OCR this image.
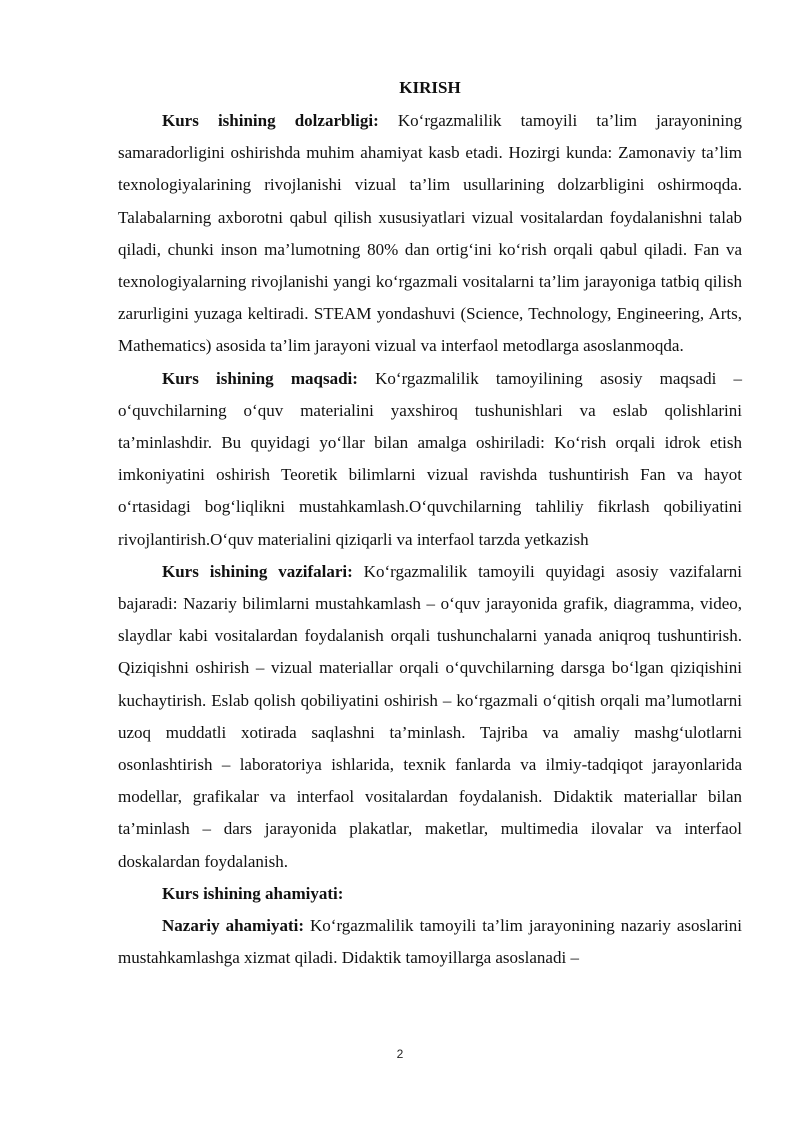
KIRISH

Kurs ishining dolzarbligi: Ko‘rgazmalilik tamoyili ta’lim jarayonining samaradorligini oshirishda muhim ahamiyat kasb etadi. Hozirgi kunda: Zamonaviy ta’lim texnologiyalarining rivojlanishi vizual ta’lim usullarining dolzarbligini oshirmoqda. Talabalarning axborotni qabul qilish xususiyatlari vizual vositalardan foydalanishni talab qiladi, chunki inson ma’lumotning 80% dan ortig‘ini ko‘rish orqali qabul qiladi. Fan va texnologiyalarning rivojlanishi yangi ko‘rgazmali vositalarni ta’lim jarayoniga tatbiq qilish zarurligini yuzaga keltiradi. STEAM yondashuvi (Science, Technology, Engineering, Arts, Mathematics) asosida ta’lim jarayoni vizual va interfaol metodlarga asoslanmoqda.

Kurs ishining maqsadi: Ko‘rgazmalilik tamoyilining asosiy maqsadi – o‘quvchilarning o‘quv materialini yaxshiroq tushunishlari va eslab qolishlarini ta’minlashdir. Bu quyidagi yo‘llar bilan amalga oshiriladi: Ko‘rish orqali idrok etish imkoniyatini oshirish Teoretik bilimlarni vizual ravishda tushuntirish Fan va hayot o‘rtasidagi bog‘liqlikni mustahkamlash.O‘quvchilarning tahliliy fikrlash qobiliyatini rivojlantirish.O‘quv materialini qiziqarli va interfaol tarzda yetkazish

Kurs ishining vazifalari: Ko‘rgazmalilik tamoyili quyidagi asosiy vazifalarni bajaradi: Nazariy bilimlarni mustahkamlash – o‘quv jarayonida grafik, diagramma, video, slaydlar kabi vositalardan foydalanish orqali tushunchalarni yanada aniqroq tushuntirish. Qiziqishni oshirish – vizual materiallar orqali o‘quvchilarning darsga bo‘lgan qiziqishini kuchaytirish. Eslab qolish qobiliyatini oshirish – ko‘rgazmali o‘qitish orqali ma’lumotlarni uzoq muddatli xotirada saqlashni ta’minlash. Tajriba va amaliy mashg‘ulotlarni osonlashtirish – laboratoriya ishlarida, texnik fanlarda va ilmiy-tadqiqot jarayonlarida modellar, grafikalar va interfaol vositalardan foydalanish. Didaktik materiallar bilan ta’minlash – dars jarayonida plakatlar, maketlar, multimedia ilovalar va interfaol doskalardan foydalanish.

Kurs ishining ahamiyati:

Nazariy ahamiyati: Ko‘rgazmalilik tamoyili ta’lim jarayonining nazariy asoslarini mustahkamlashga xizmat qiladi. Didaktik tamoyillarga asoslanadi –

2
